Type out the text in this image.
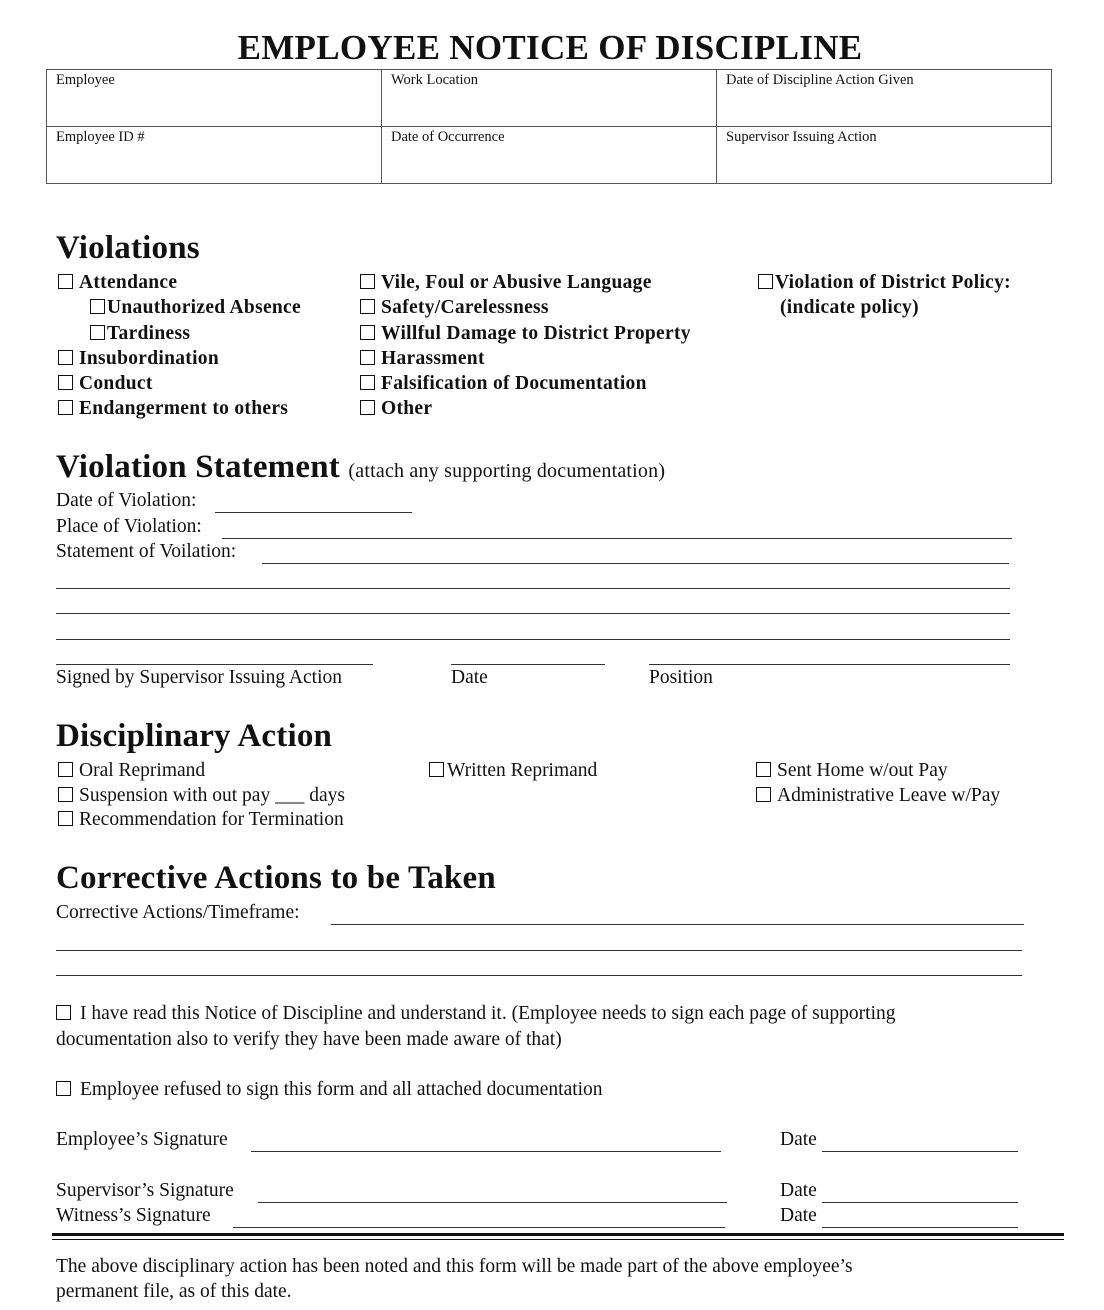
EMPLOYEE NOTICE OF DISCIPLINE
Employee	Work Location	Date of Discipline Action Given
Employee ID #	Date of Occurrence	Supervisor Issuing Action
Violations
Attendance
Unauthorized Absence
Tardiness
Insubordination
Conduct
Endangerment to others
Vile, Foul or Abusive Language
Safety/Carelessness
Willful Damage to District Property
Harassment
Falsification of Documentation
Other
Violation of District Policy:
(indicate policy)
Violation Statement (attach any supporting documentation)
Date of Violation:
Place of Violation:
Statement of Voilation:
Signed by Supervisor Issuing Action	Date	Position
Disciplinary Action
Oral Reprimand
Suspension with out pay ___ days
Recommendation for Termination
Written Reprimand	Sent Home w/out Pay
Administrative Leave w/Pay
Corrective Actions to be Taken
Corrective Actions/Timeframe:
I have read this Notice of Discipline and understand it. (Employee needs to sign each page of supporting
documentation also to verify they have been made aware of that)
Employee refused to sign this form and all attached documentation
Employee’s Signature	Date
Supervisor’s Signature	Date
Witness’s Signature	Date
The above disciplinary action has been noted and this form will be made part of the above employee’s
permanent file, as of this date.
